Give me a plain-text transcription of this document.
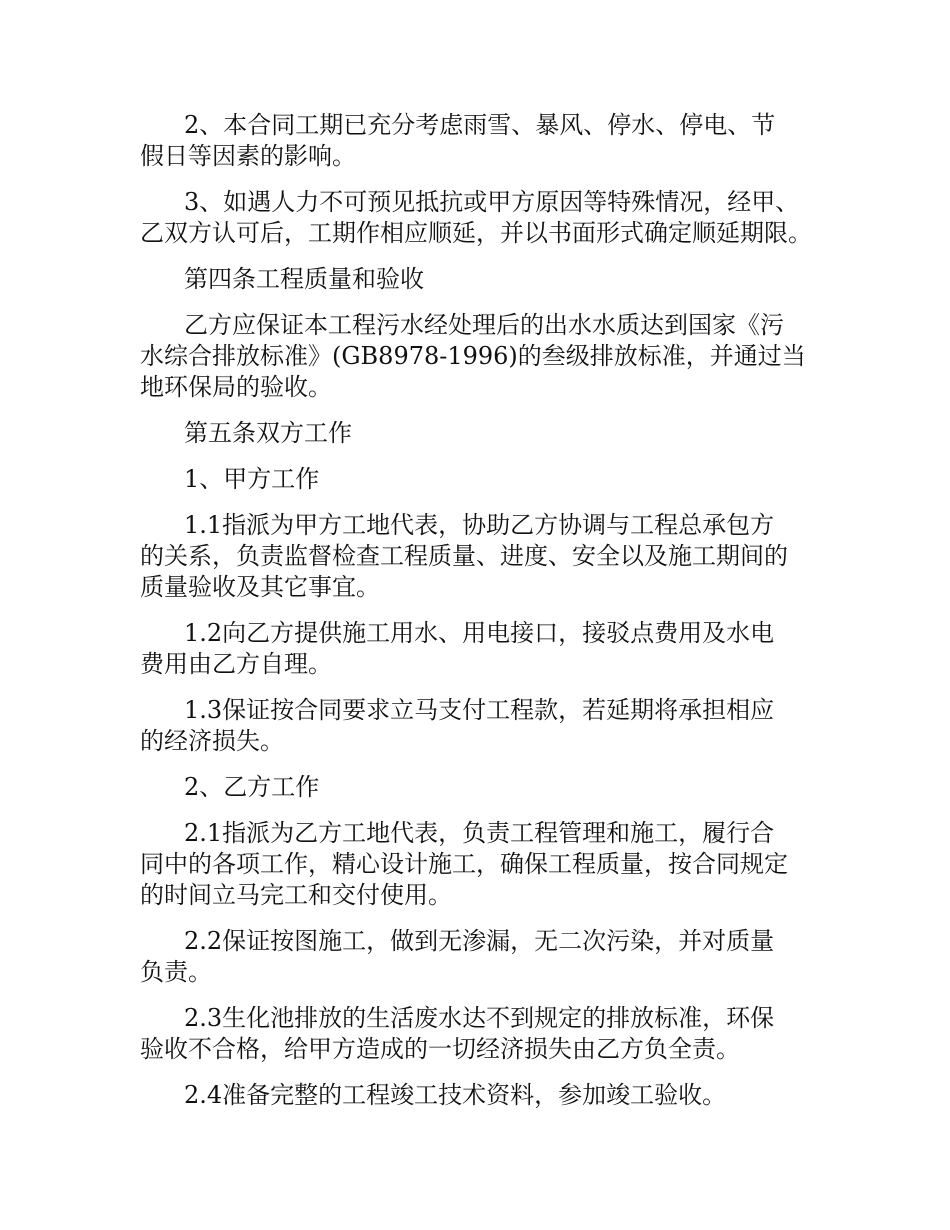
2、本合同工期已充分考虑雨雪、暴风、停水、停电、节
假日等因素的影响。

3、如遇人力不可预见抵抗或甲方原因等特殊情况，经甲、
乙双方认可后，工期作相应顺延，并以书面形式确定顺延期限。

第四条工程质量和验收

乙方应保证本工程污水经处理后的出水水质达到国家《污
水综合排放标准》(GB8978-1996)的叁级排放标准，并通过当
地环保局的验收。

第五条双方工作

1、甲方工作

1.1指派为甲方工地代表，协助乙方协调与工程总承包方
的关系，负责监督检查工程质量、进度、安全以及施工期间的
质量验收及其它事宜。

1.2向乙方提供施工用水、用电接口，接驳点费用及水电
费用由乙方自理。

1.3保证按合同要求立马支付工程款，若延期将承担相应
的经济损失。

2、乙方工作

2.1指派为乙方工地代表，负责工程管理和施工，履行合
同中的各项工作，精心设计施工，确保工程质量，按合同规定
的时间立马完工和交付使用。

2.2保证按图施工，做到无渗漏，无二次污染，并对质量
负责。

2.3生化池排放的生活废水达不到规定的排放标准，环保
验收不合格，给甲方造成的一切经济损失由乙方负全责。

2.4准备完整的工程竣工技术资料，参加竣工验收。
